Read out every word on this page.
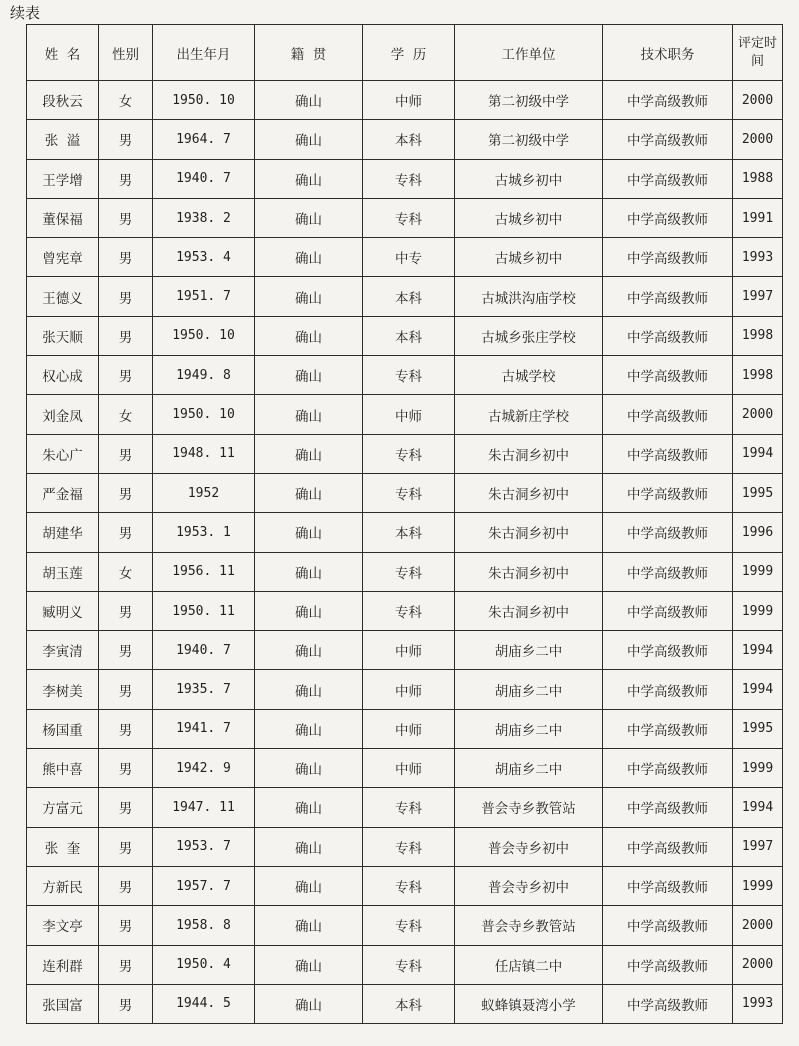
续表
姓  名	性别	出生年月	籍  贯	学  历	工作单位	技术职务	评定时间
段秋云	女	1950. 10	确山	中师	第二初级中学	中学高级教师	2000
张  溢	男	1964. 7	确山	本科	第二初级中学	中学高级教师	2000
王学增	男	1940. 7	确山	专科	古城乡初中	中学高级教师	1988
董保福	男	1938. 2	确山	专科	古城乡初中	中学高级教师	1991
曾宪章	男	1953. 4	确山	中专	古城乡初中	中学高级教师	1993
王德义	男	1951. 7	确山	本科	古城洪沟庙学校	中学高级教师	1997
张天顺	男	1950. 10	确山	本科	古城乡张庄学校	中学高级教师	1998
权心成	男	1949. 8	确山	专科	古城学校	中学高级教师	1998
刘金凤	女	1950. 10	确山	中师	古城新庄学校	中学高级教师	2000
朱心广	男	1948. 11	确山	专科	朱古洞乡初中	中学高级教师	1994
严金福	男	1952	确山	专科	朱古洞乡初中	中学高级教师	1995
胡建华	男	1953. 1	确山	本科	朱古洞乡初中	中学高级教师	1996
胡玉莲	女	1956. 11	确山	专科	朱古洞乡初中	中学高级教师	1999
臧明义	男	1950. 11	确山	专科	朱古洞乡初中	中学高级教师	1999
李寅清	男	1940. 7	确山	中师	胡庙乡二中	中学高级教师	1994
李树美	男	1935. 7	确山	中师	胡庙乡二中	中学高级教师	1994
杨国重	男	1941. 7	确山	中师	胡庙乡二中	中学高级教师	1995
熊中喜	男	1942. 9	确山	中师	胡庙乡二中	中学高级教师	1999
方富元	男	1947. 11	确山	专科	普会寺乡教管站	中学高级教师	1994
张  奎	男	1953. 7	确山	专科	普会寺乡初中	中学高级教师	1997
方新民	男	1957. 7	确山	专科	普会寺乡初中	中学高级教师	1999
李文亭	男	1958. 8	确山	专科	普会寺乡教管站	中学高级教师	2000
连利群	男	1950. 4	确山	专科	任店镇二中	中学高级教师	2000
张国富	男	1944. 5	确山	本科	蚁蜂镇聂湾小学	中学高级教师	1993
